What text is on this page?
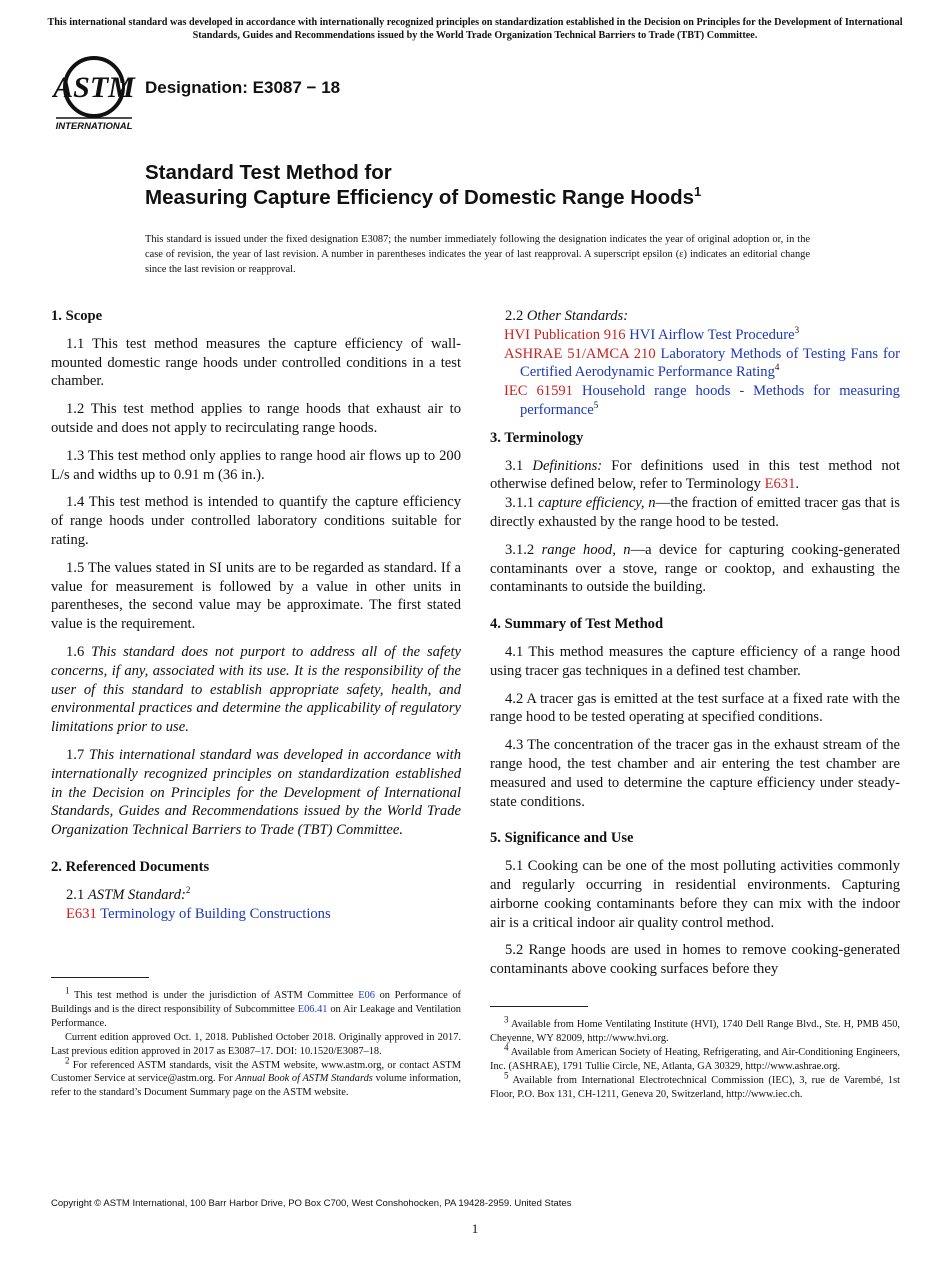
This international standard was developed in accordance with internationally recognized principles on standardization established in the Decision on Principles for the Development of International Standards, Guides and Recommendations issued by the World Trade Organization Technical Barriers to Trade (TBT) Committee.
ASTM
INTERNATIONAL
Designation: E3087 − 18
Standard Test Method for
Measuring Capture Efficiency of Domestic Range Hoods$^1$
This standard is issued under the fixed designation E3087; the number immediately following the designation indicates the year of original adoption or, in the case of revision, the year of last revision. A number in parentheses indicates the year of last reapproval. A superscript epsilon (ε) indicates an editorial change since the last revision or reapproval.

1. Scope

1.1 This test method measures the capture efficiency of wall-mounted domestic range hoods under controlled conditions in a test chamber.

1.2 This test method applies to range hoods that exhaust air to outside and does not apply to recirculating range hoods.

1.3 This test method only applies to range hood air flows up to 200 L/s and widths up to 0.91 m (36 in.).

1.4 This test method is intended to quantify the capture efficiency of range hoods under controlled laboratory conditions suitable for rating.

1.5 The values stated in SI units are to be regarded as standard. If a value for measurement is followed by a value in other units in parentheses, the second value may be approximate. The first stated value is the requirement.

1.6 This standard does not purport to address all of the safety concerns, if any, associated with its use. It is the responsibility of the user of this standard to establish appropriate safety, health, and environmental practices and determine the applicability of regulatory limitations prior to use.

1.7 This international standard was developed in accordance with internationally recognized principles on standardization established in the Decision on Principles for the Development of International Standards, Guides and Recommendations issued by the World Trade Organization Technical Barriers to Trade (TBT) Committee.

2. Referenced Documents

2.1 ASTM Standard:$^2$

E631 Terminology of Building Constructions

$^1$ This test method is under the jurisdiction of ASTM Committee E06 on Performance of Buildings and is the direct responsibility of Subcommittee E06.41 on Air Leakage and Ventilation Performance.

Current edition approved Oct. 1, 2018. Published October 2018. Originally approved in 2017. Last previous edition approved in 2017 as E3087–17. DOI: 10.1520/E3087–18.

$^2$ For referenced ASTM standards, visit the ASTM website, www.astm.org, or contact ASTM Customer Service at service@astm.org. For Annual Book of ASTM Standards volume information, refer to the standard’s Document Summary page on the ASTM website.

2.2 Other Standards:

HVI Publication 916 HVI Airflow Test Procedure$^3$

ASHRAE 51/AMCA 210 Laboratory Methods of Testing Fans for Certified Aerodynamic Performance Rating$^4$

IEC 61591 Household range hoods - Methods for measuring performance$^5$

3. Terminology

3.1 Definitions: For definitions used in this test method not otherwise defined below, refer to Terminology E631.

3.1.1 capture efficiency, n—the fraction of emitted tracer gas that is directly exhausted by the range hood to be tested.

3.1.2 range hood, n—a device for capturing cooking-generated contaminants over a stove, range or cooktop, and exhausting the contaminants to outside the building.

4. Summary of Test Method

4.1 This method measures the capture efficiency of a range hood using tracer gas techniques in a defined test chamber.

4.2 A tracer gas is emitted at the test surface at a fixed rate with the range hood to be tested operating at specified conditions.

4.3 The concentration of the tracer gas in the exhaust stream of the range hood, the test chamber and air entering the test chamber are measured and used to determine the capture efficiency under steady-state conditions.

5. Significance and Use

5.1 Cooking can be one of the most polluting activities commonly and regularly occurring in residential environments. Capturing airborne cooking contaminants before they can mix with the indoor air is a critical indoor air quality control method.

5.2 Range hoods are used in homes to remove cooking-generated contaminants above cooking surfaces before they

$^3$ Available from Home Ventilating Institute (HVI), 1740 Dell Range Blvd., Ste. H, PMB 450, Cheyenne, WY 82009, http://www.hvi.org.

$^4$ Available from American Society of Heating, Refrigerating, and Air-Conditioning Engineers, Inc. (ASHRAE), 1791 Tullie Circle, NE, Atlanta, GA 30329, http://www.ashrae.org.

$^5$ Available from International Electrotechnical Commission (IEC), 3, rue de Varembé, 1st Floor, P.O. Box 131, CH-1211, Geneva 20, Switzerland, http://www.iec.ch.

Copyright © ASTM International, 100 Barr Harbor Drive, PO Box C700, West Conshohocken, PA 19428-2959. United States
1
